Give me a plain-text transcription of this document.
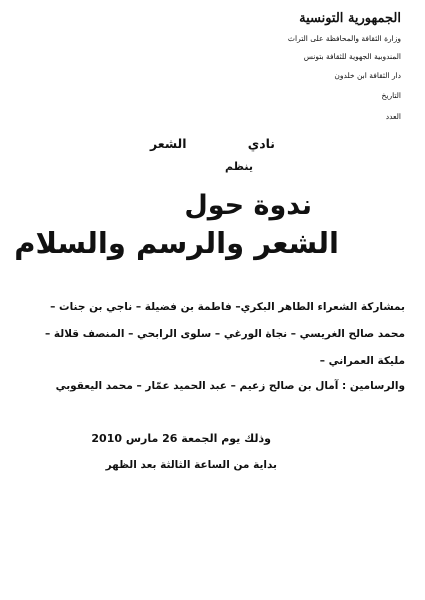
الجمهورية التونسية
وزارة الثقافة والمحافظة على التراث
المندوبية الجهوية للثقافة بتونس
دار الثقافة ابن خلدون
التاريخ
العدد
نادي الشعر
ينظم
ندوة حول
الشعر والرسم والسلام
بمشاركة الشعراء الطاهر البكري– فاطمة بن فضيلة – ناجي بن جنات –
محمد صالح الغريسي – نجاة الورغي – سلوى الرابحي – المنصف قلالة –
مليكة العمراني –
والرسامين : آمال بن صالح زعيم – عبد الحميد عمّار – محمد اليعقوبي
وذلك يوم الجمعة 26 مارس 2010
بداية من الساعة الثالثة بعد الظهر
